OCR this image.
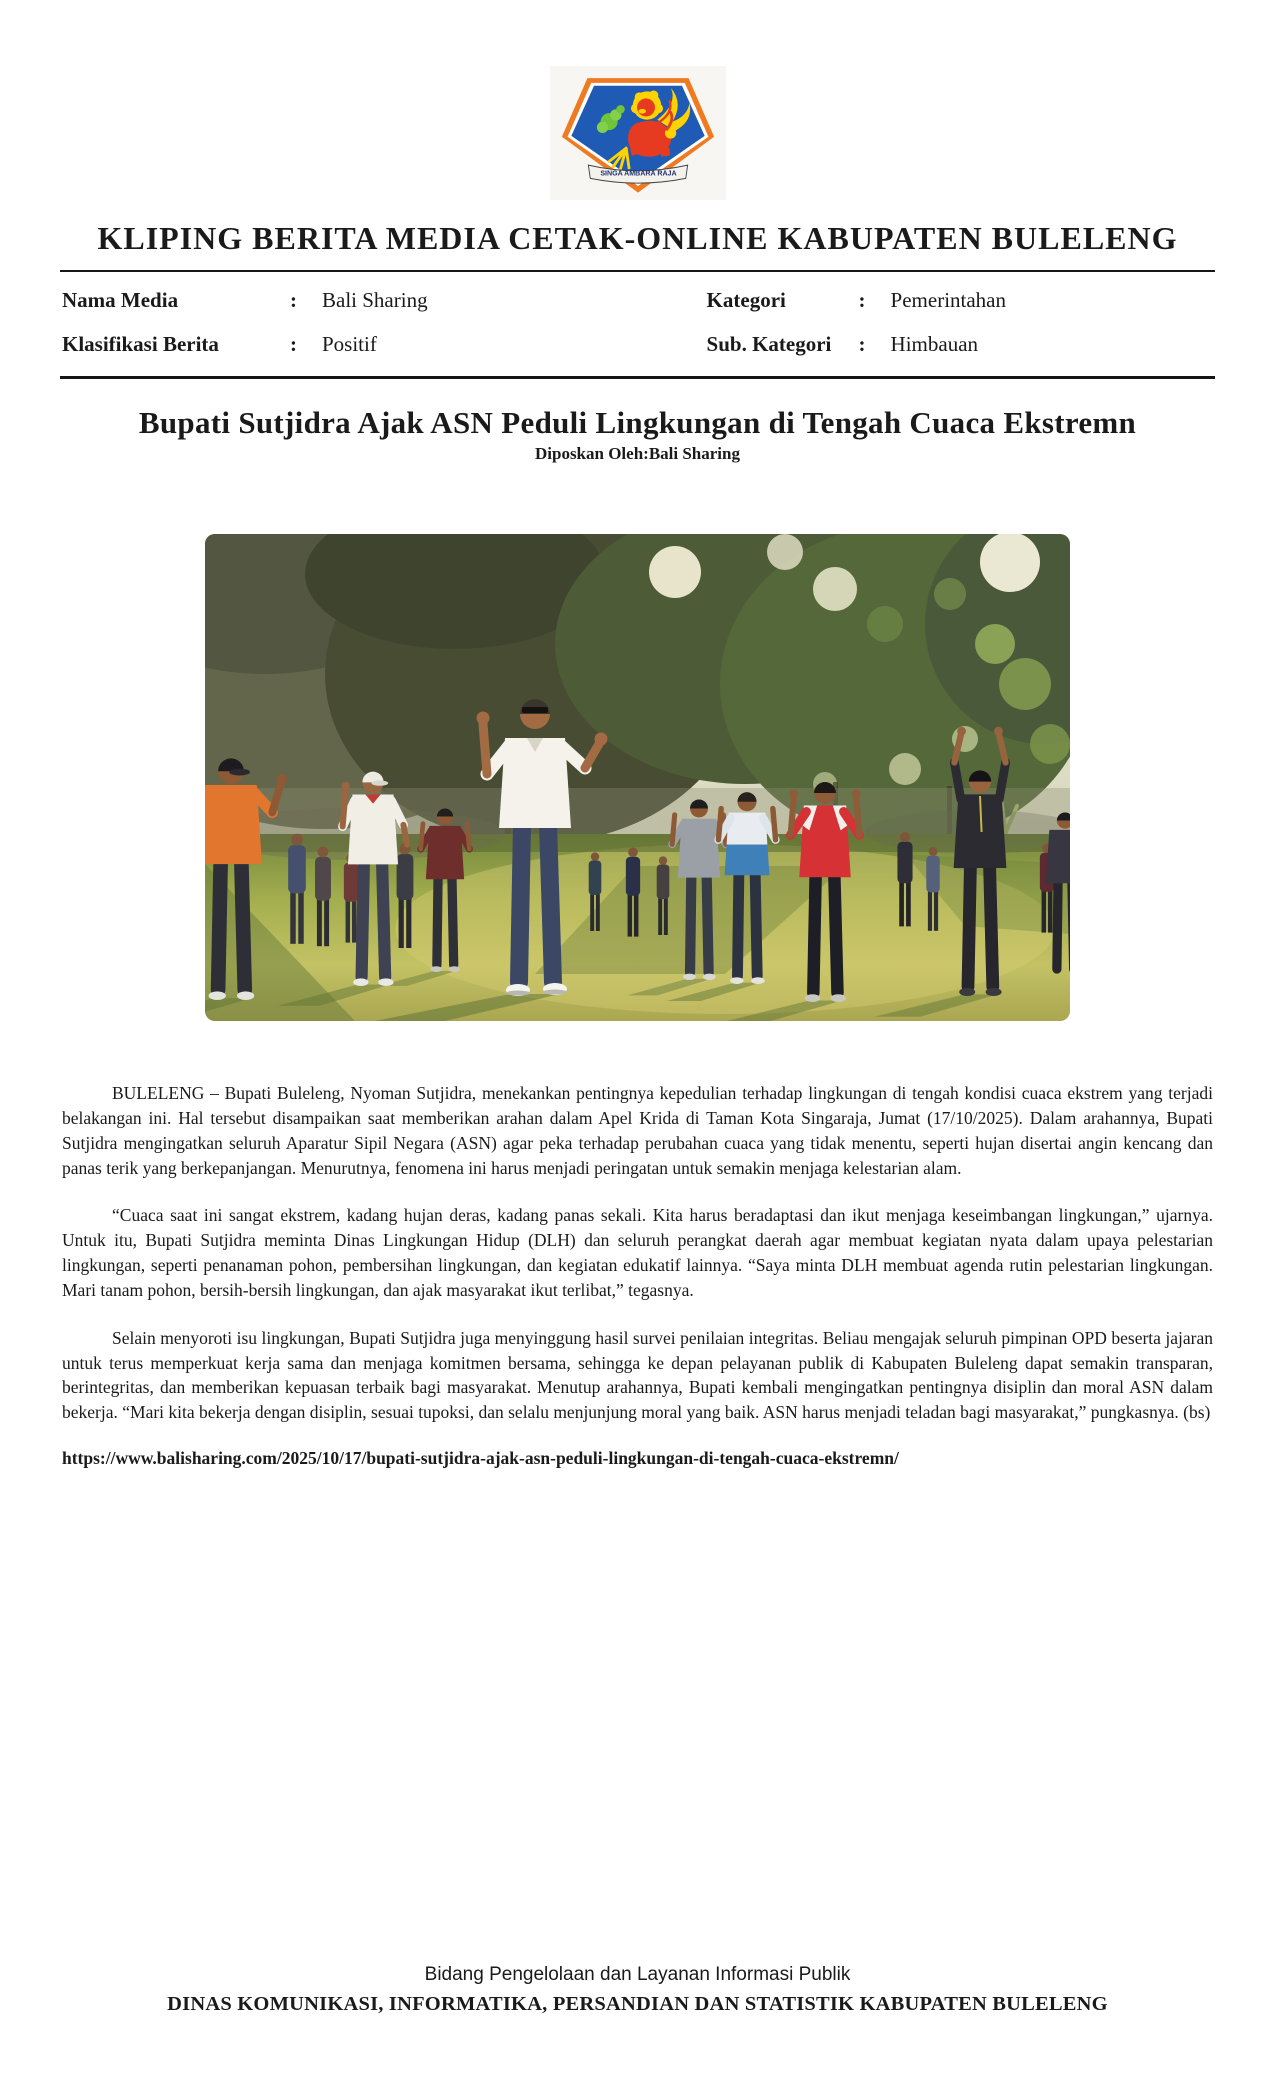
SINGA AMBARA RAJA
KLIPING BERITA MEDIA CETAK-ONLINE KABUPATEN BULELENG
Nama Media	:	Bali Sharing	Kategori	:	Pemerintahan
Klasifikasi Berita	:	Positif	Sub. Kategori	:	Himbauan
Bupati Sutjidra Ajak ASN Peduli Lingkungan di Tengah Cuaca Ekstremn
Diposkan Oleh:Bali Sharing

BULELENG – Bupati Buleleng, Nyoman Sutjidra, menekankan pentingnya kepedulian terhadap lingkungan di tengah kondisi cuaca ekstrem yang terjadi belakangan ini. Hal tersebut disampaikan saat memberikan arahan dalam Apel Krida di Taman Kota Singaraja, Jumat (17/10/2025). Dalam arahannya, Bupati Sutjidra mengingatkan seluruh Aparatur Sipil Negara (ASN) agar peka terhadap perubahan cuaca yang tidak menentu, seperti hujan disertai angin kencang dan panas terik yang berkepanjangan. Menurutnya, fenomena ini harus menjadi peringatan untuk semakin menjaga kelestarian alam.

“Cuaca saat ini sangat ekstrem, kadang hujan deras, kadang panas sekali. Kita harus beradaptasi dan ikut menjaga keseimbangan lingkungan,” ujarnya. Untuk itu, Bupati Sutjidra meminta Dinas Lingkungan Hidup (DLH) dan seluruh perangkat daerah agar membuat kegiatan nyata dalam upaya pelestarian lingkungan, seperti penanaman pohon, pembersihan lingkungan, dan kegiatan edukatif lainnya. “Saya minta DLH membuat agenda rutin pelestarian lingkungan. Mari tanam pohon, bersih-bersih lingkungan, dan ajak masyarakat ikut terlibat,” tegasnya.

Selain menyoroti isu lingkungan, Bupati Sutjidra juga menyinggung hasil survei penilaian integritas. Beliau mengajak seluruh pimpinan OPD beserta jajaran untuk terus memperkuat kerja sama dan menjaga komitmen bersama, sehingga ke depan pelayanan publik di Kabupaten Buleleng dapat semakin transparan, berintegritas, dan memberikan kepuasan terbaik bagi masyarakat. Menutup arahannya, Bupati kembali mengingatkan pentingnya disiplin dan moral ASN dalam bekerja. “Mari kita bekerja dengan disiplin, sesuai tupoksi, dan selalu menjunjung moral yang baik. ASN harus menjadi teladan bagi masyarakat,” pungkasnya. (bs)

https://www.balisharing.com/2025/10/17/bupati-sutjidra-ajak-asn-peduli-lingkungan-di-tengah-cuaca-ekstremn/
Bidang Pengelolaan dan Layanan Informasi Publik
DINAS KOMUNIKASI, INFORMATIKA, PERSANDIAN DAN STATISTIK KABUPATEN BULELENG
